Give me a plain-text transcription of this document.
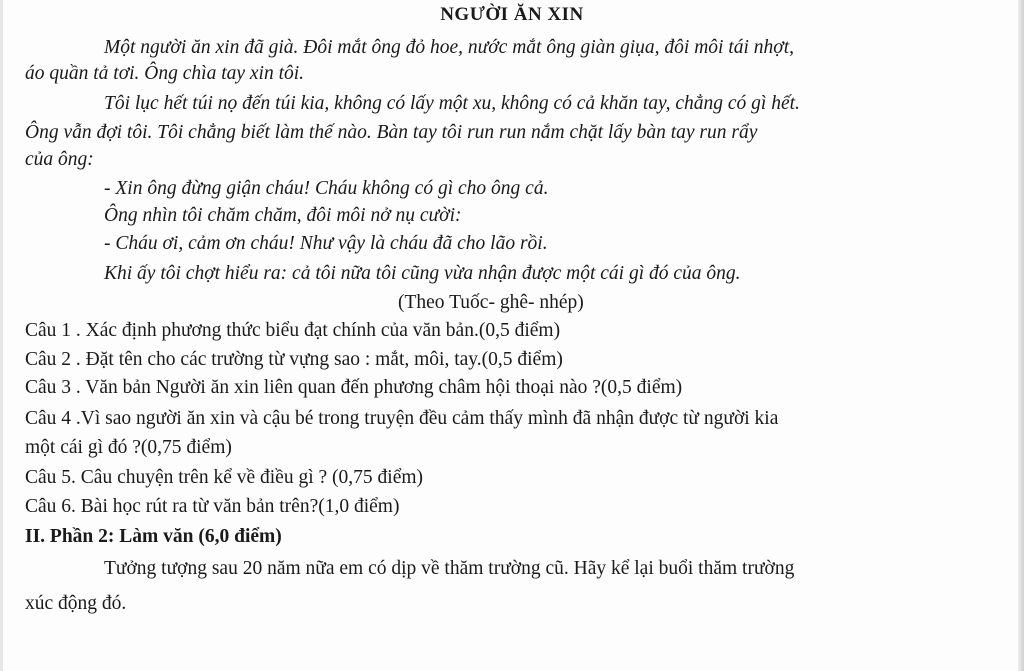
NGƯỜI ĂN XIN
Một người ăn xin đã già. Đôi mắt ông đỏ hoe, nước mắt ông giàn giụa, đôi môi tái nhợt,
áo quần tả tơi. Ông chìa tay xin tôi.
Tôi lục hết túi nọ đến túi kia, không có lấy một xu, không có cả khăn tay, chẳng có gì hết.
Ông vẫn đợi tôi. Tôi chẳng biết làm thế nào. Bàn tay tôi run run nắm chặt lấy bàn tay run rẩy
của ông:
- Xin ông đừng giận cháu! Cháu không có gì cho ông cả.
Ông nhìn tôi chăm chăm, đôi môi nở nụ cười:
- Cháu ơi, cảm ơn cháu! Như vậy là cháu đã cho lão rồi.
Khi ấy tôi chợt hiểu ra: cả tôi nữa tôi cũng vừa nhận được một cái gì đó của ông.
(Theo Tuốc- ghê- nhép)
Câu 1 . Xác định phương thức biểu đạt chính của văn bản.(0,5 điểm)
Câu 2 . Đặt tên cho các trường từ vựng sao : mắt, môi, tay.(0,5 điểm)
Câu 3 . Văn bản Người ăn xin liên quan đến phương châm hội thoại nào ?(0,5 điểm)
Câu 4 .Vì sao người ăn xin và cậu bé trong truyện đều cảm thấy mình đã nhận được từ người kia
một cái gì đó ?(0,75 điểm)
Câu 5. Câu chuyện trên kể về điều gì ? (0,75 điểm)
Câu 6. Bài học rút ra từ văn bản trên?(1,0 điểm)
II. Phần 2: Làm văn (6,0 điểm)
Tưởng tượng sau 20 năm nữa em có dịp về thăm trường cũ. Hãy kể lại buổi thăm trường
xúc động đó.
